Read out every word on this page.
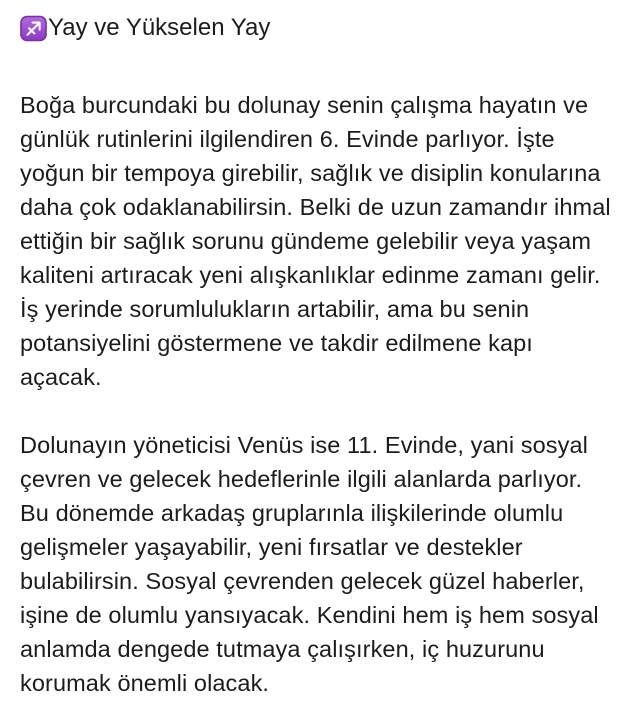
Yay ve Yükselen Yay
Boğa burcundaki bu dolunay senin çalışma hayatın ve
günlük rutinlerini ilgilendiren 6. Evinde parlıyor. İşte
yoğun bir tempoya girebilir, sağlık ve disiplin konularına
daha çok odaklanabilirsin. Belki de uzun zamandır ihmal
ettiğin bir sağlık sorunu gündeme gelebilir veya yaşam
kaliteni artıracak yeni alışkanlıklar edinme zamanı gelir.
İş yerinde sorumlulukların artabilir, ama bu senin
potansiyelini göstermene ve takdir edilmene kapı
açacak.
Dolunayın yöneticisi Venüs ise 11. Evinde, yani sosyal
çevren ve gelecek hedeflerinle ilgili alanlarda parlıyor.
Bu dönemde arkadaş gruplarınla ilişkilerinde olumlu
gelişmeler yaşayabilir, yeni fırsatlar ve destekler
bulabilirsin. Sosyal çevrenden gelecek güzel haberler,
işine de olumlu yansıyacak. Kendini hem iş hem sosyal
anlamda dengede tutmaya çalışırken, iç huzurunu
korumak önemli olacak.
